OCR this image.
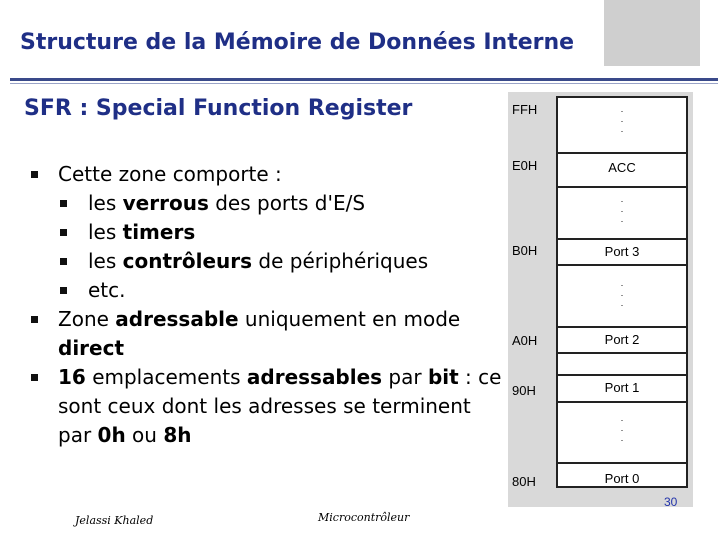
Structure de la Mémoire de Données Interne
SFR : Special Function Register
Cette zone comporte :
les verrous des ports d'E/S
les timers
les contrôleurs de périphériques
etc.
Zone adressable uniquement en mode direct
16 emplacements adressables par bit : ce sont ceux dont les adresses se terminent par 0h ou 8h
FFH
E0H
B0H
A0H
90H
80H
ACC
Port 3
Port 2
Port 1
Port 0
.
.
.
.
.
.
.
.
.
.
.
.
Jelassi Khaled	Microcontrôleur
30
